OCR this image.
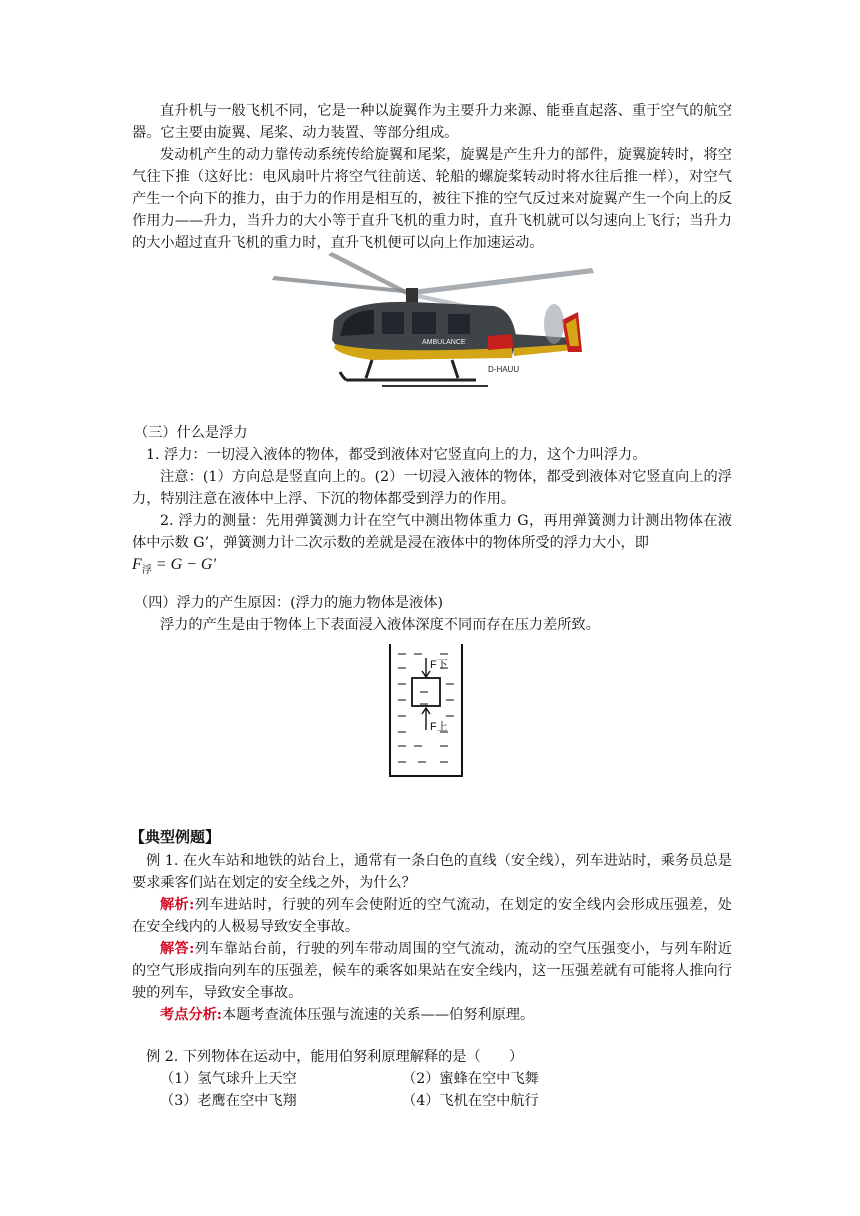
直升机与一般飞机不同，它是一种以旋翼作为主要升力来源、能垂直起落、重于空气的航空器。它主要由旋翼、尾桨、动力装置、等部分组成。
发动机产生的动力靠传动系统传给旋翼和尾桨，旋翼是产生升力的部件，旋翼旋转时，将空气往下推（这好比：电风扇叶片将空气往前送、轮船的螺旋桨转动时将水往后推一样），对空气产生一个向下的推力，由于力的作用是相互的，被往下推的空气反过来对旋翼产生一个向上的反作用力——升力，当升力的大小等于直升飞机的重力时，直升飞机就可以匀速向上飞行；当升力的大小超过直升飞机的重力时，直升飞机便可以向上作加速运动。
AMBULANCE
D-HAUU
（三）什么是浮力
1. 浮力：一切浸入液体的物体，都受到液体对它竖直向上的力，这个力叫浮力。
注意：(1）方向总是竖直向上的。(2）一切浸入液体的物体，都受到液体对它竖直向上的浮力，特别注意在液体中上浮、下沉的物体都受到浮力的作用。
2. 浮力的测量：先用弹簧测力计在空气中测出物体重力 G，再用弹簧测力计测出物体在液体中示数 G’，弹簧测力计二次示数的差就是浸在液体中的物体所受的浮力大小，即
$F_浮 = G - G'$
（四）浮力的产生原因：(浮力的施力物体是液体)
浮力的产生是由于物体上下表面浸入液体深度不同而存在压力差所致。
F下
F上
【典型例题】
例 1. 在火车站和地铁的站台上，通常有一条白色的直线（安全线），列车进站时，乘务员总是要求乘客们站在划定的安全线之外，为什么？
解析:列车进站时，行驶的列车会使附近的空气流动，在划定的安全线内会形成压强差，处在安全线内的人极易导致安全事故。
解答:列车靠站台前，行驶的列车带动周围的空气流动，流动的空气压强变小，与列车附近的空气形成指向列车的压强差，候车的乘客如果站在安全线内，这一压强差就有可能将人推向行驶的列车，导致安全事故。
考点分析:本题考查流体压强与流速的关系——伯努利原理。
例 2. 下列物体在运动中，能用伯努利原理解释的是（　　）
（1）氢气球升上天空	（2）蜜蜂在空中飞舞
（3）老鹰在空中飞翔	（4）飞机在空中航行
